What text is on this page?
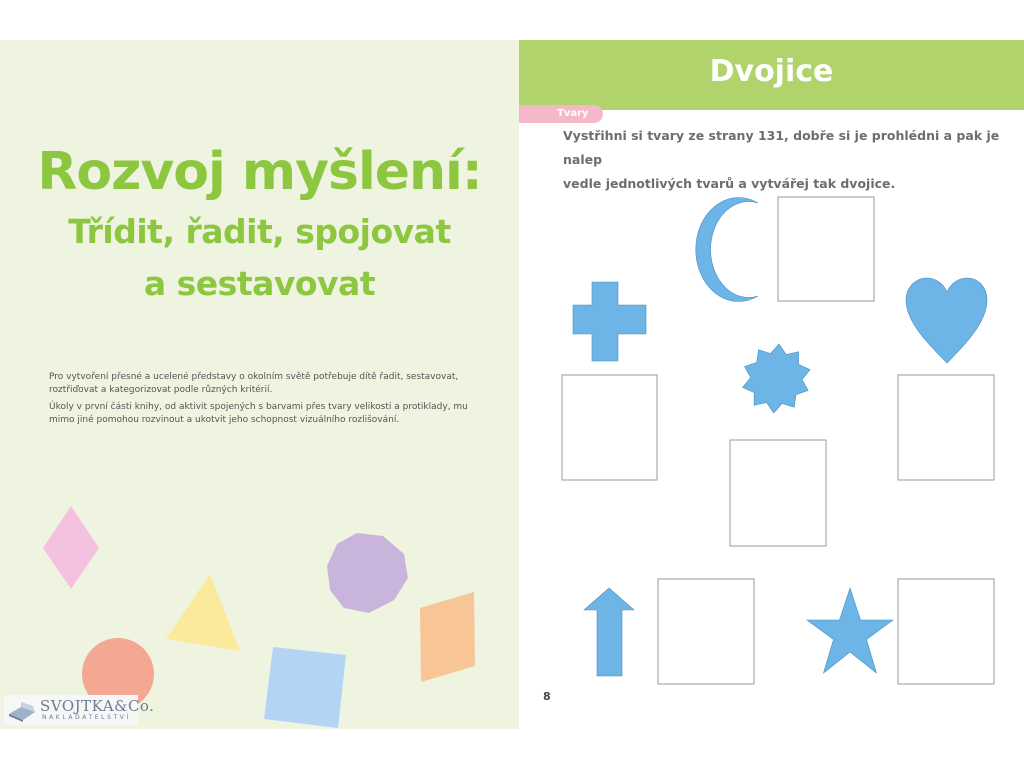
Rozvoj myšlení:
Třídit, řadit, spojovat
a sestavovat

Pro vytvoření přesné a ucelené představy o okolním světě potřebuje dítě řadit, sestavovat, roztřiďovat a kategorizovat podle různých kritérií.

Úkoly v první části knihy, od aktivit spojených s barvami přes tvary velikosti a protiklady, mu mimo jiné pomohou rozvinout a ukotvit jeho schopnost vizuálního rozlišování.

SVOJTKA&Co.
NAKLADATELSTVÍ
Dvojice
Tvary

Vystřihni si tvary ze strany 131, dobře si je prohlédni a pak je nalep
vedle jednotlivých tvarů a vytvářej tak dvojice.

8
